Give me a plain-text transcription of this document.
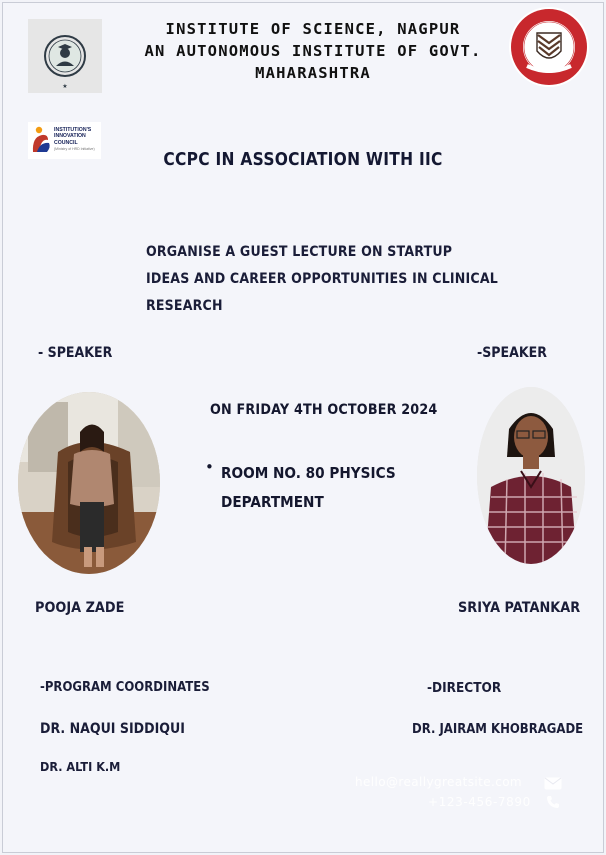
★
INSTITUTE OF SCIENCE, NAGPUR
AN AUTONOMOUS INSTITUTE OF GOVT.
MAHARASHTRA
INSTITUTION'S
INNOVATION
COUNCIL
(Ministry of HRD Initiative)	CCPC IN ASSOCIATION WITH IIC
ORGANISE A GUEST LECTURE ON STARTUP
IDEAS AND CAREER OPPORTUNITIES IN CLINICAL
RESEARCH
- SPEAKER	-SPEAKER
ON FRIDAY 4TH OCTOBER 2024
• ROOM NO. 80 PHYSICS
DEPARTMENT
POOJA ZADE	SRIYA PATANKAR
-PROGRAM COORDINATES	-DIRECTOR
DR. NAQUI SIDDIQUI	DR. JAIRAM KHOBRAGADE
DR. ALTI K.M
hello@reallygreatsite.com
+123-456-7890
